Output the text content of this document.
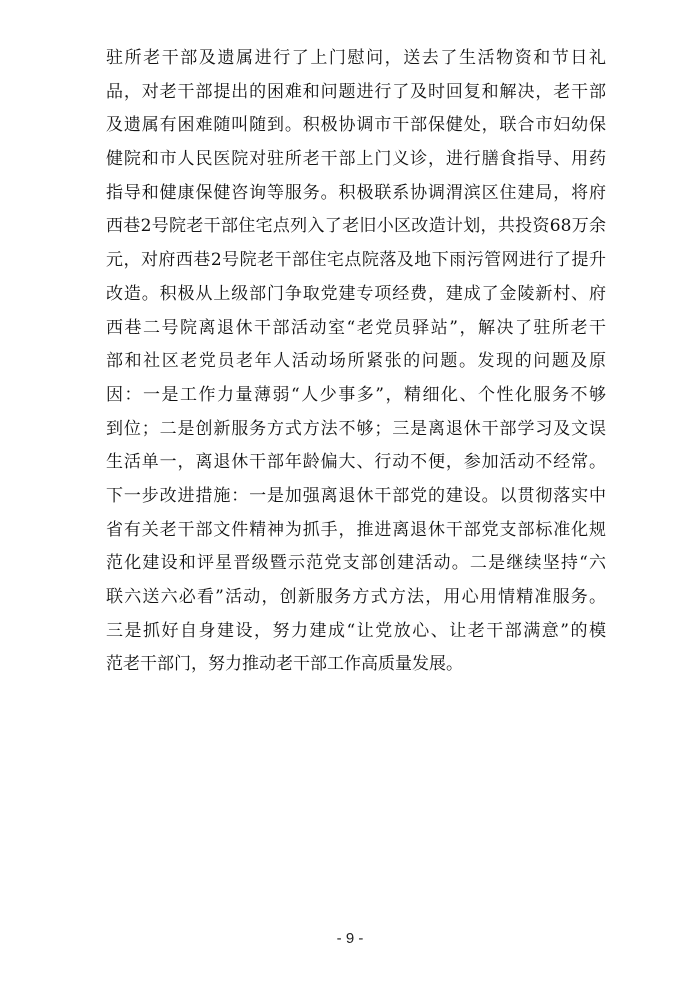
驻所老干部及遗属进行了上门慰问，送去了生活物资和节日礼
品，对老干部提出的困难和问题进行了及时回复和解决，老干部
及遗属有困难随叫随到。积极协调市干部保健处，联合市妇幼保
健院和市人民医院对驻所老干部上门义诊，进行膳食指导、用药
指导和健康保健咨询等服务。积极联系协调渭滨区住建局，将府
西巷2号院老干部住宅点列入了老旧小区改造计划，共投资68万余
元，对府西巷2号院老干部住宅点院落及地下雨污管网进行了提升
改造。积极从上级部门争取党建专项经费，建成了金陵新村、府
西巷二号院离退休干部活动室“老党员驿站”，解决了驻所老干
部和社区老党员老年人活动场所紧张的问题。发现的问题及原
因：一是工作力量薄弱“人少事多”，精细化、个性化服务不够
到位；二是创新服务方式方法不够；三是离退休干部学习及文误
生活单一，离退休干部年龄偏大、行动不便，参加活动不经常。
下一步改进措施：一是加强离退休干部党的建设。以贯彻落实中
省有关老干部文件精神为抓手，推进离退休干部党支部标准化规
范化建设和评星晋级暨示范党支部创建活动。二是继续坚持“六
联六送六必看”活动，创新服务方式方法，用心用情精准服务。
三是抓好自身建设，努力建成“让党放心、让老干部满意”的模
范老干部门，努力推动老干部工作高质量发展。
- 9 -
